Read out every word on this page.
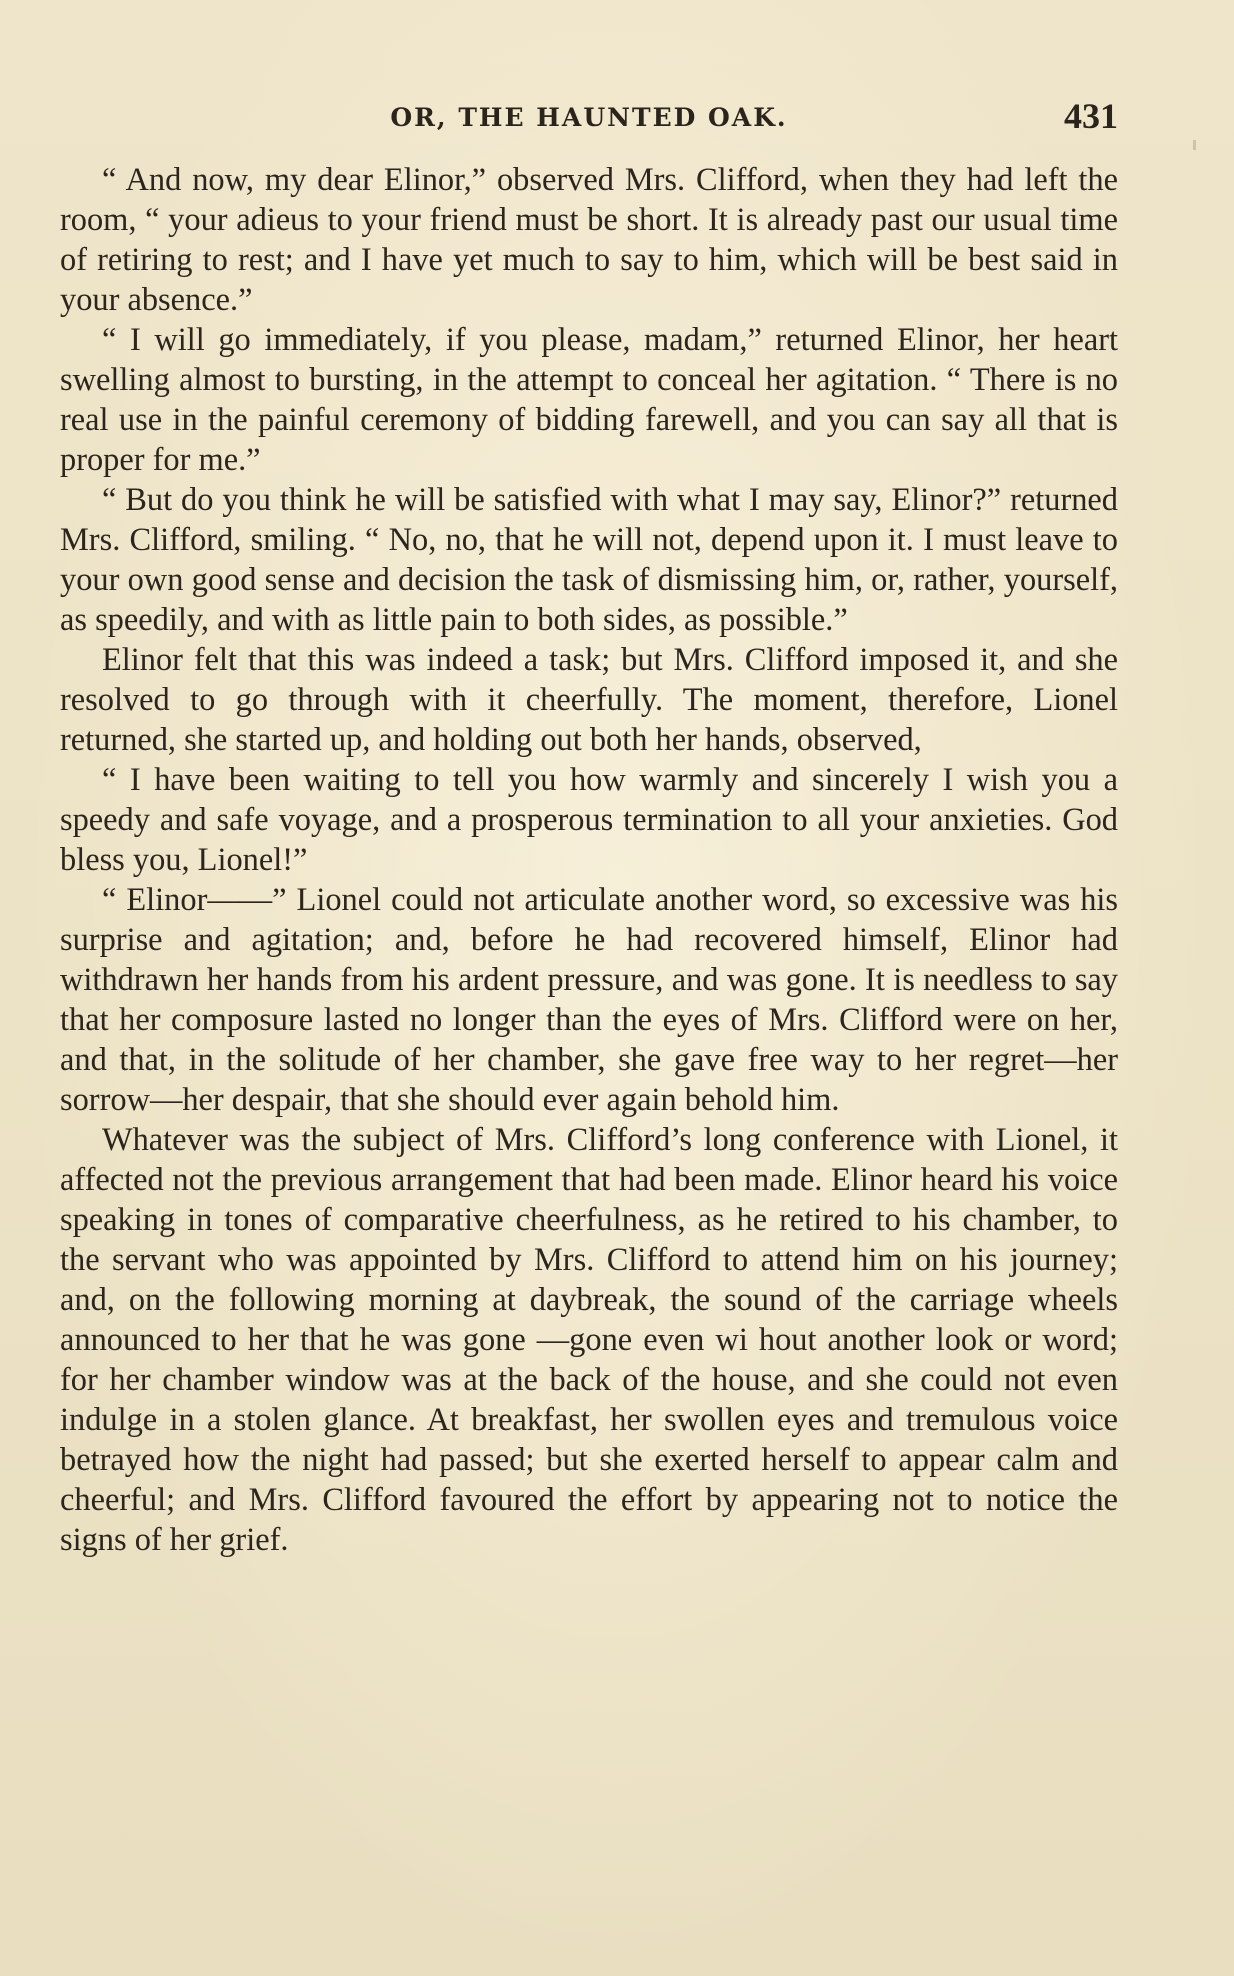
OR, THE HAUNTED OAK.	431

“ And now, my dear Elinor,” observed Mrs. Clifford, when they had left the room, “ your adieus to your friend must be short. It is already past our usual time of retiring to rest; and I have yet much to say to him, which will be best said in your absence.”

“ I will go immediately, if you please, madam,” returned Elinor, her heart swelling almost to bursting, in the attempt to conceal her agitation. “ There is no real use in the painful ceremony of bidding farewell, and you can say all that is proper for me.”

“ But do you think he will be satisfied with what I may say, Elinor?” returned Mrs. Clifford, smiling. “ No, no, that he will not, depend upon it. I must leave to your own good sense and decision the task of dismissing him, or, rather, yourself, as speedily, and with as little pain to both sides, as possible.”

Elinor felt that this was indeed a task; but Mrs. Clifford imposed it, and she resolved to go through with it cheerfully. The moment, therefore, Lionel returned, she started up, and holding out both her hands, observed,

“ I have been waiting to tell you how warmly and sincerely I wish you a speedy and safe voyage, and a prosperous termination to all your anxieties. God bless you, Lionel!”

“ Elinor——” Lionel could not articulate another word, so excessive was his surprise and agitation; and, before he had recovered himself, Elinor had withdrawn her hands from his ardent pressure, and was gone. It is needless to say that her composure lasted no longer than the eyes of Mrs. Clifford were on her, and that, in the solitude of her chamber, she gave free way to her regret—her sorrow—her despair, that she should ever again behold him.

Whatever was the subject of Mrs. Clifford’s long conference with Lionel, it affected not the previous arrangement that had been made. Elinor heard his voice speaking in tones of comparative cheerfulness, as he retired to his chamber, to the servant who was appointed by Mrs. Clifford to attend him on his journey; and, on the following morning at daybreak, the sound of the carriage wheels announced to her that he was gone —gone even wi hout another look or word; for her chamber window was at the back of the house, and she could not even indulge in a stolen glance. At breakfast, her swollen eyes and tremulous voice betrayed how the night had passed; but she exerted herself to appear calm and cheerful; and Mrs. Clifford favoured the effort by appearing not to notice the signs of her grief.
